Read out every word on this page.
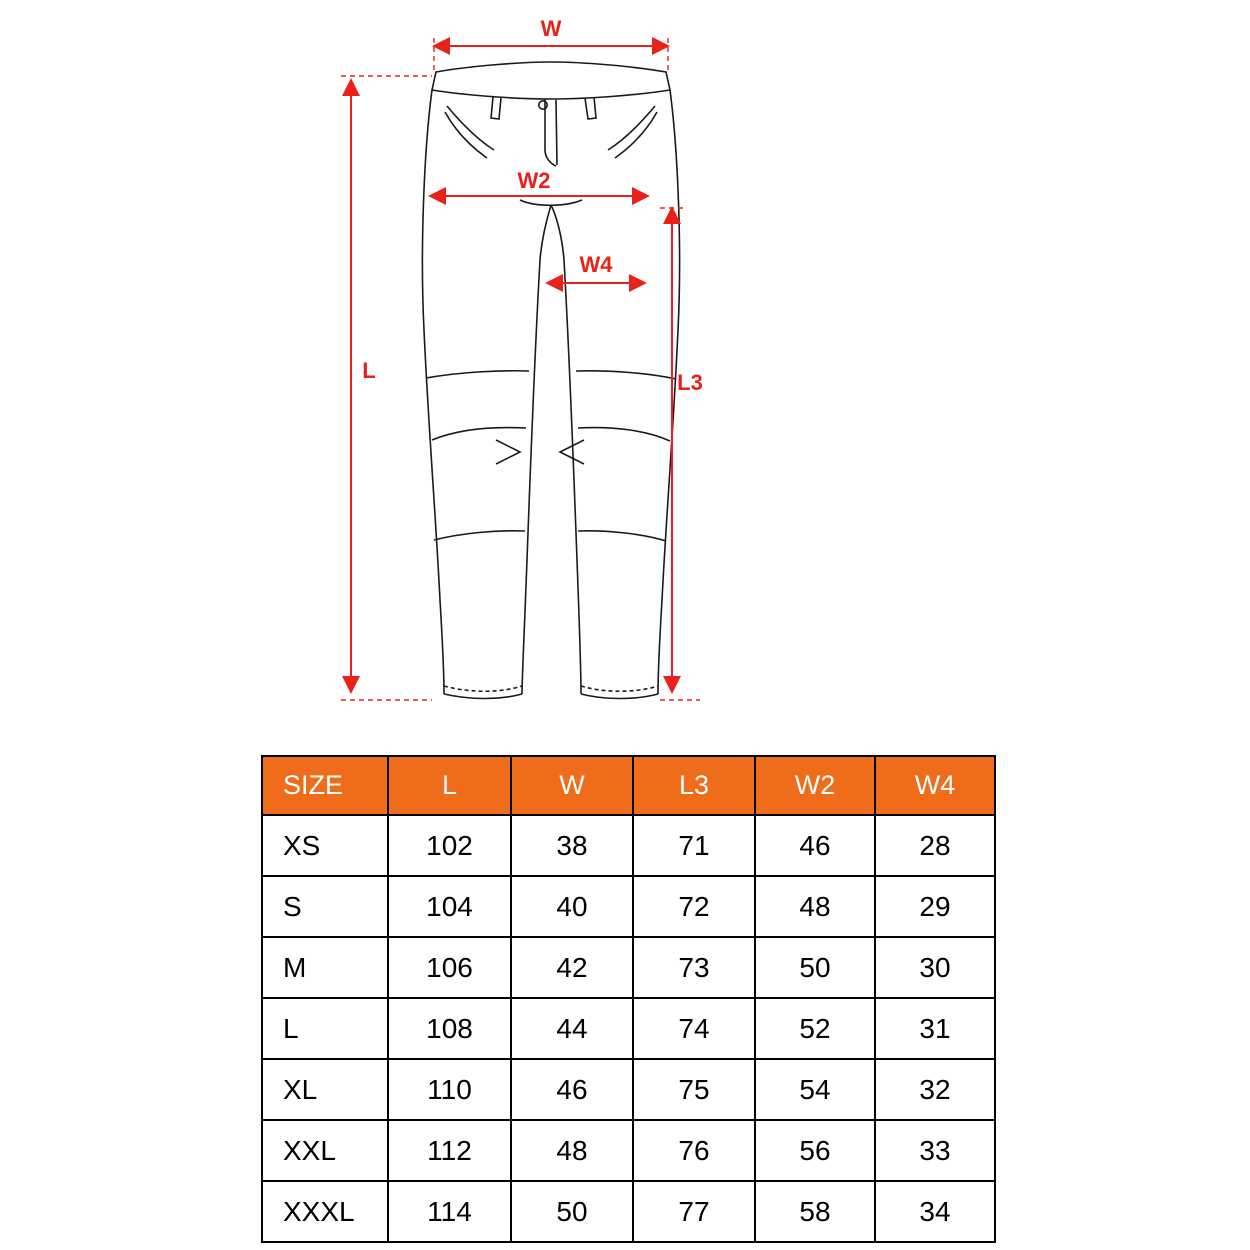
W
W2
W4
L	L3
SIZE	L	W	L3	W2	W4
XS	102	38	71	46	28
S	104	40	72	48	29
M	106	42	73	50	30
L	108	44	74	52	31
XL	110	46	75	54	32
XXL	112	48	76	56	33
XXXL	114	50	77	58	34
